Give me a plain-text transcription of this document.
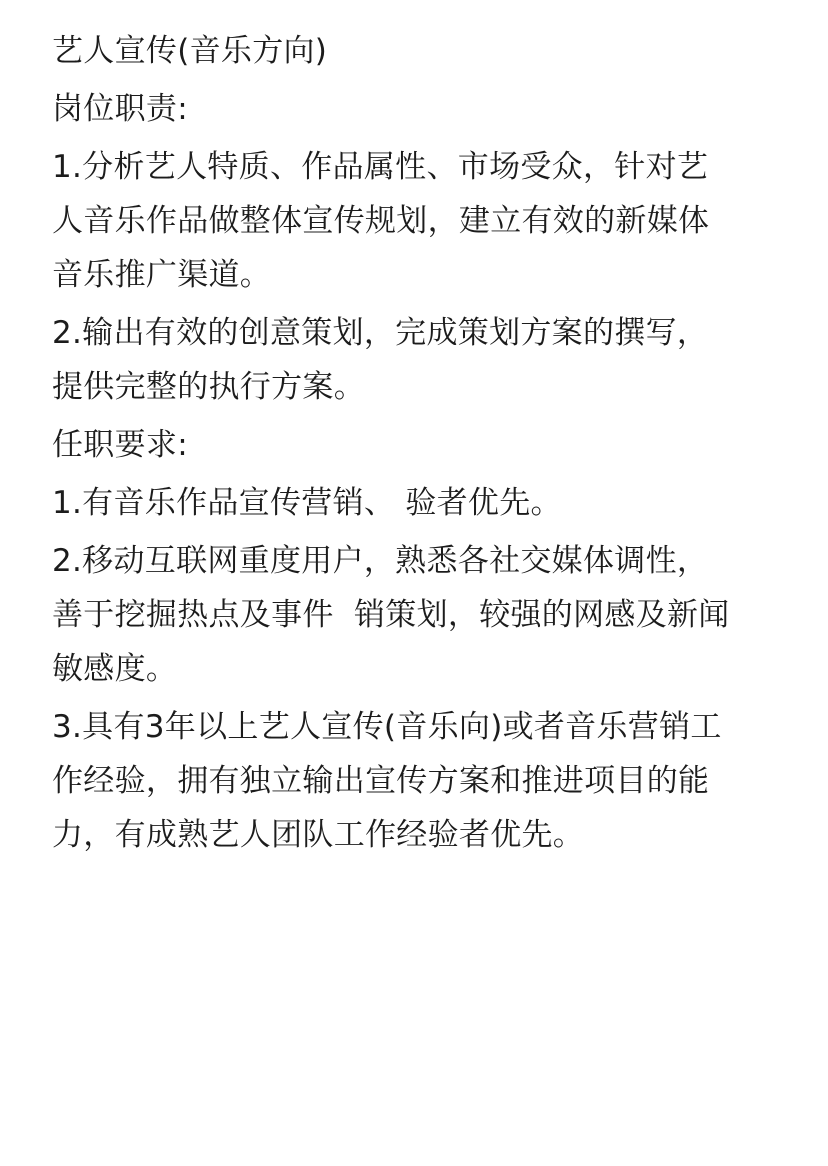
艺人宣传(音乐方向)
岗位职责:
1.分析艺人特质、作品属性、市场受众，针对艺
人音乐作品做整体宣传规划，建立有效的新媒体
音乐推广渠道。
2.输出有效的创意策划，完成策划方案的撰写，
提供完整的执行方案。
任职要求:
1.有音乐作品宣传营销、 验者优先。
2.移动互联网重度用户，熟悉各社交媒体调性，
善于挖掘热点及事件  销策划，较强的网感及新闻
敏感度。
3.具有3年以上艺人宣传(音乐向)或者音乐营销工
作经验，拥有独立输出宣传方案和推进项目的能
力，有成熟艺人团队工作经验者优先。
